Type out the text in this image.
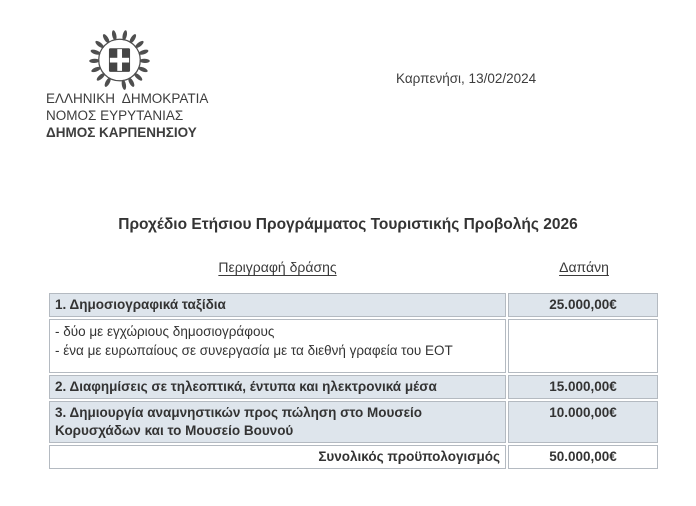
ΕΛΛΗΝΙΚΗ  ΔΗΜΟΚΡΑΤΙΑ
ΝΟΜΟΣ ΕΥΡΥΤΑΝΙΑΣ
ΔΗΜΟΣ ΚΑΡΠΕΝΗΣΙΟΥ
Καρπενήσι, 13/02/2024
Προχέδιο Ετήσιου Προγράμματος Τουριστικής Προβολής 2026
Περιγραφή δράσης	Δαπάνη
1. Δημοσιογραφικά ταξίδια	25.000,00€

- δύο με εγχώριους δημοσιογράφους
- ένα με ευρωπαίους σε συνεργασία με τα διεθνή γραφεία του ΕΟΤ	

2. Διαφημίσεις σε τηλεοπτικά, έντυπα και ηλεκτρονικά μέσα	15.000,00€
3. Δημιουργία αναμνηστικών προς πώληση στο Μουσείο Κορυσχάδων και το Μουσείο Βουνού	10.000,00€
Συνολικός προϋπολογισμός	50.000,00€
